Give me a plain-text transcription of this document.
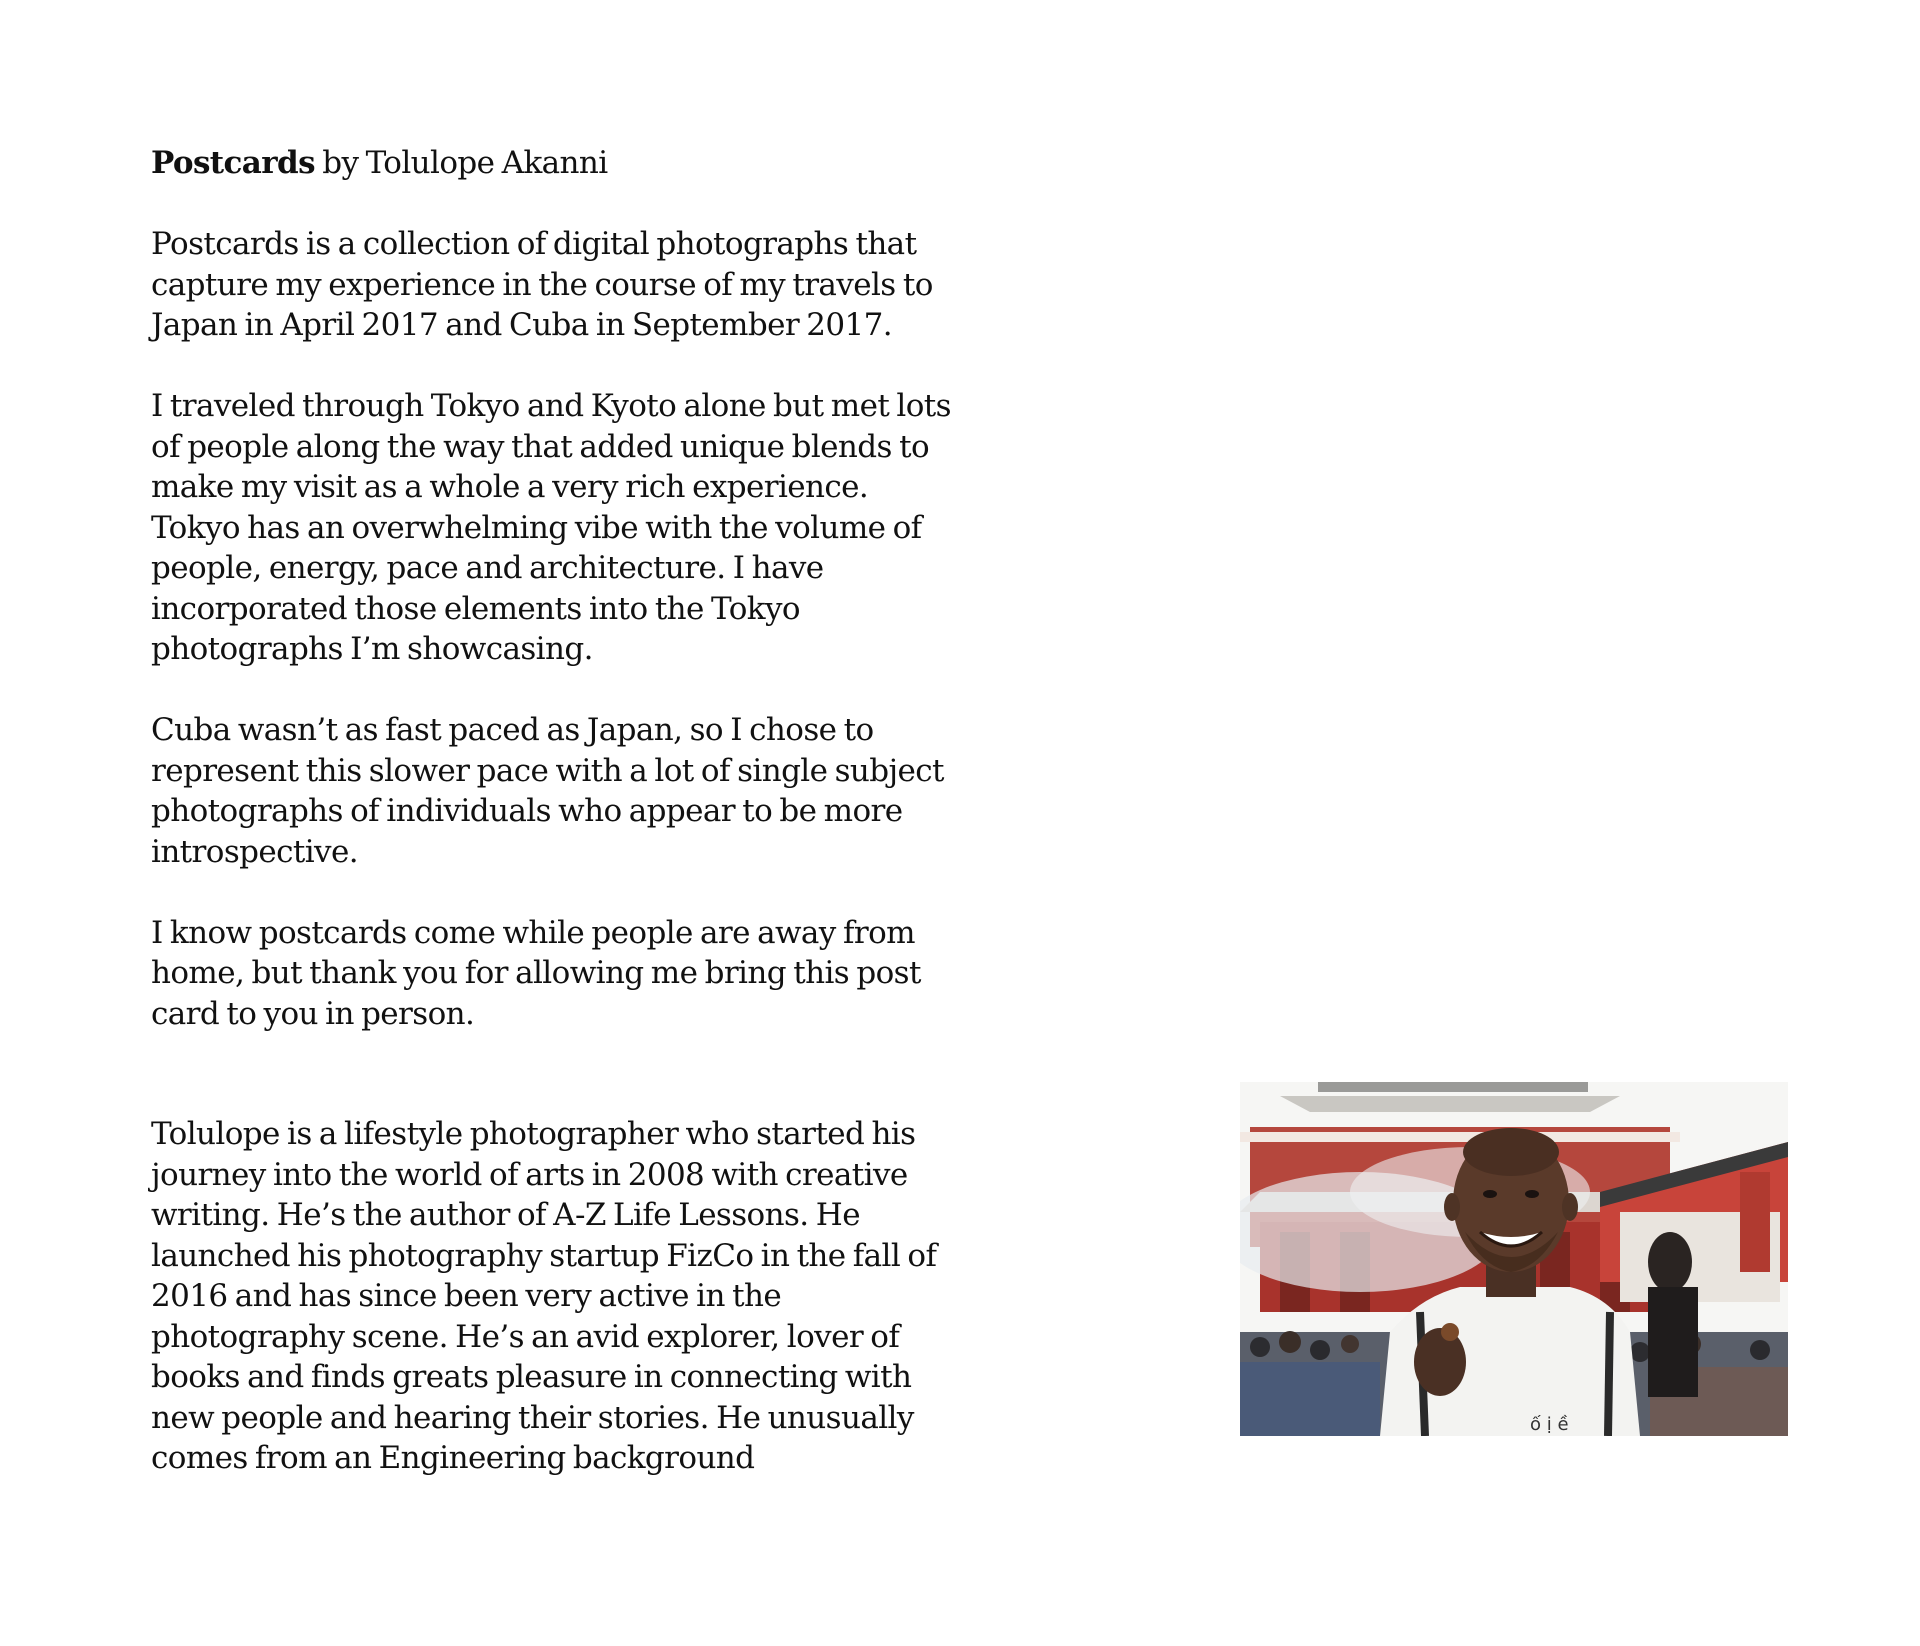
Postcards by Tolulope Akanni

Postcards is a collection of digital photographs that
capture my experience in the course of my travels to
Japan in April 2017 and Cuba in September 2017.

I traveled through Tokyo and Kyoto alone but met lots
of people along the way that added unique blends to
make my visit as a whole a very rich experience.
Tokyo has an overwhelming vibe with the volume of
people, energy, pace and architecture. I have
incorporated those elements into the Tokyo
photographs I’m showcasing.

Cuba wasn’t as fast paced as Japan, so I chose to
represent this slower pace with a lot of single subject
photographs of individuals who appear to be more
introspective.

I know postcards come while people are away from
home, but thank you for allowing me bring this post
card to you in person.

Tolulope is a lifestyle photographer who started his
journey into the world of arts in 2008 with creative
writing. He’s the author of A-Z Life Lessons. He
launched his photography startup FizCo in the fall of
2016 and has since been very active in the
photography scene. He’s an avid explorer, lover of
books and finds greats pleasure in connecting with
new people and hearing their stories. He unusually
comes from an Engineering background

ố ị ề
